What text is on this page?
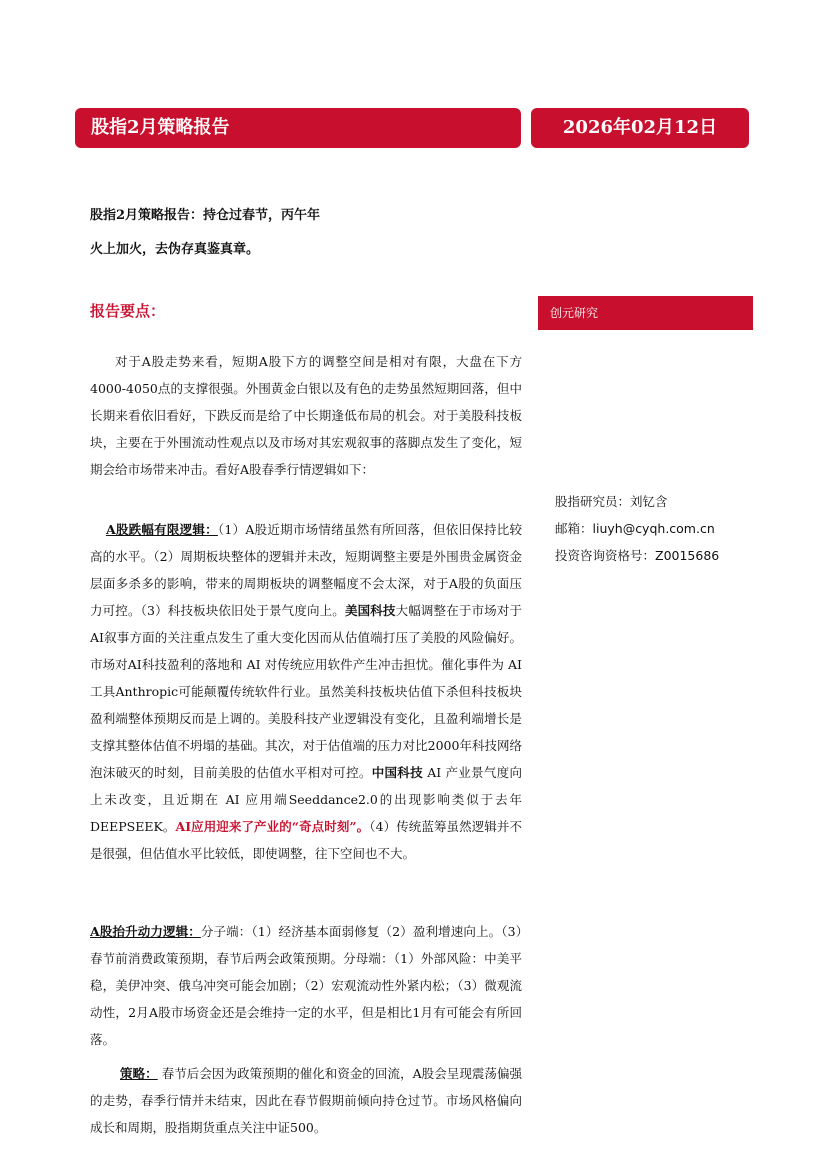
股指2月策略报告	2026年02月12日
股指2月策略报告：持仓过春节，丙午年
火上加火，去伪存真鉴真章。
报告要点：	创元研究
股指研究员：刘钇含
邮箱：liuyh@cyqh.com.cn
投资咨询资格号：Z0015686

对于A股走势来看，短期A股下方的调整空间是相对有限，大盘在下方4000-4050点的支撑很强。外围黄金白银以及有色的走势虽然短期回落，但中长期来看依旧看好，下跌反而是给了中长期逢低布局的机会。对于美股科技板块，主要在于外围流动性观点以及市场对其宏观叙事的落脚点发生了变化，短期会给市场带来冲击。看好A股春季行情逻辑如下：

A股跌幅有限逻辑：（1）A股近期市场情绪虽然有所回落，但依旧保持比较高的水平。（2）周期板块整体的逻辑并未改，短期调整主要是外围贵金属资金层面多杀多的影响，带来的周期板块的调整幅度不会太深，对于A股的负面压力可控。（3）科技板块依旧处于景气度向上。美国科技大幅调整在于市场对于AI叙事方面的关注重点发生了重大变化因而从估值端打压了美股的风险偏好。市场对AI科技盈利的落地和 AI 对传统应用软件产生冲击担忧。催化事件为 AI 工具Anthropic可能颠覆传统软件行业。虽然美科技板块估值下杀但科技板块盈利端整体预期反而是上调的。美股科技产业逻辑没有变化，且盈利端增长是支撑其整体估值不坍塌的基础。其次，对于估值端的压力对比2000年科技网络泡沫破灭的时刻，目前美股的估值水平相对可控。中国科技 AI 产业景气度向上未改变，且近期在 AI 应用端Seeddance2.0的出现影响类似于去年DEEPSEEK。AI应用迎来了产业的“奇点时刻”。（4）传统蓝筹虽然逻辑并不是很强，但估值水平比较低，即使调整，往下空间也不大。

A股抬升动力逻辑：分子端：（1）经济基本面弱修复（2）盈利增速向上。（3）春节前消费政策预期，春节后两会政策预期。分母端：（1）外部风险：中美平稳，美伊冲突、俄乌冲突可能会加剧；（2）宏观流动性外紧内松；（3）微观流动性，2月A股市场资金还是会维持一定的水平，但是相比1月有可能会有所回落。

策略： 春节后会因为政策预期的催化和资金的回流，A股会呈现震荡偏强的走势，春季行情并未结束，因此在春节假期前倾向持仓过节。市场风格偏向成长和周期，股指期货重点关注中证500。
